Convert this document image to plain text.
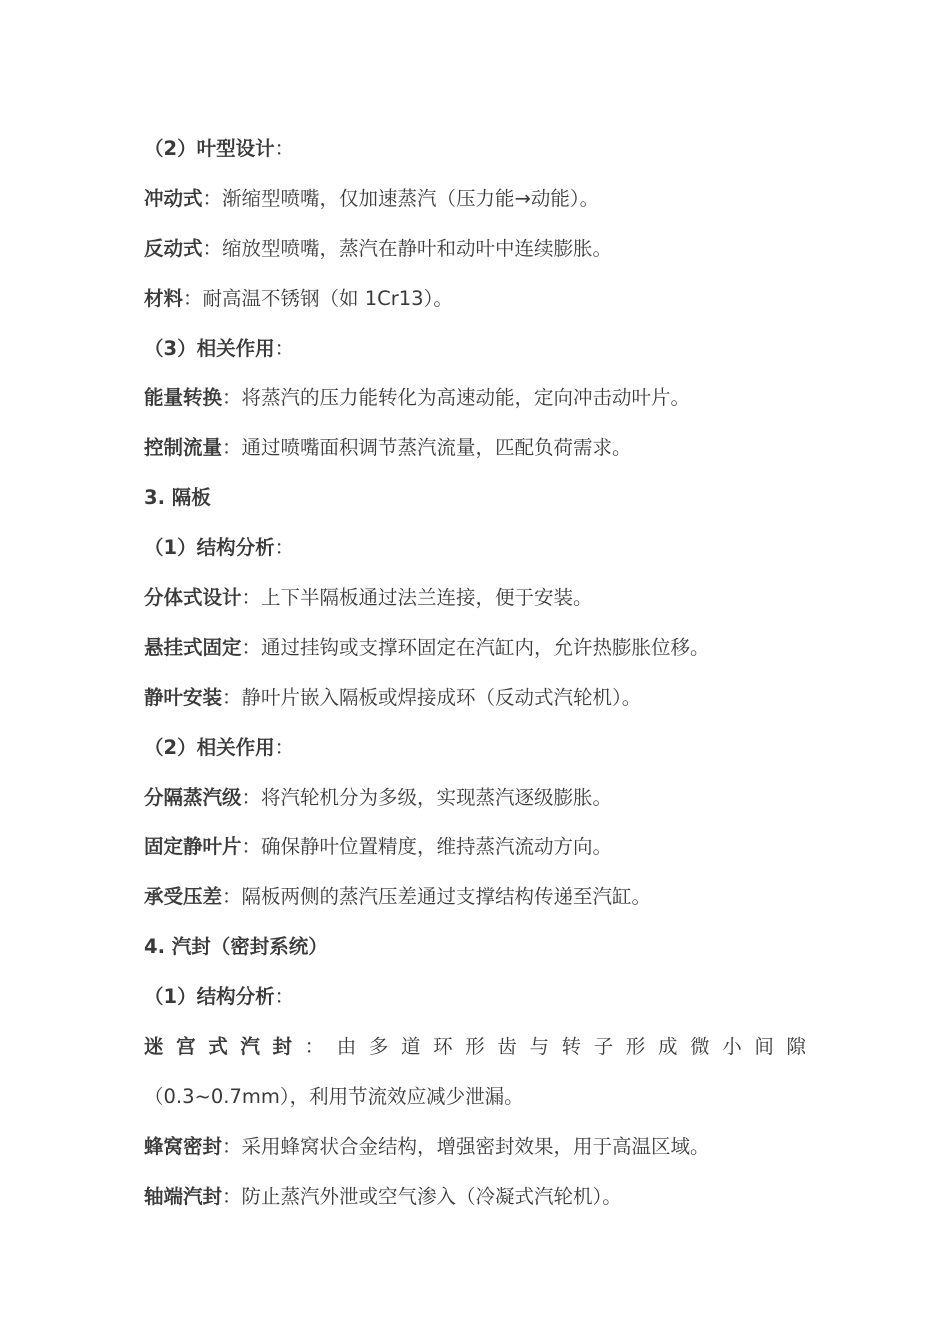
（2）叶型设计：
冲动式：渐缩型喷嘴，仅加速蒸汽（压力能→动能）。
反动式：缩放型喷嘴，蒸汽在静叶和动叶中连续膨胀。
材料：耐高温不锈钢（如 1Cr13）。
（3）相关作用：
能量转换：将蒸汽的压力能转化为高速动能，定向冲击动叶片。
控制流量：通过喷嘴面积调节蒸汽流量，匹配负荷需求。
3. 隔板
（1）结构分析：
分体式设计：上下半隔板通过法兰连接，便于安装。
悬挂式固定：通过挂钩或支撑环固定在汽缸内，允许热膨胀位移。
静叶安装：静叶片嵌入隔板或焊接成环（反动式汽轮机）。
（2）相关作用：
分隔蒸汽级：将汽轮机分为多级，实现蒸汽逐级膨胀。
固定静叶片：确保静叶位置精度，维持蒸汽流动方向。
承受压差：隔板两侧的蒸汽压差通过支撑结构传递至汽缸。
4. 汽封（密封系统）
（1）结构分析：
迷宫式汽封：由多道环形齿与转子形成微小间隙
（0.3~0.7mm），利用节流效应减少泄漏。
蜂窝密封：采用蜂窝状合金结构，增强密封效果，用于高温区域。
轴端汽封：防止蒸汽外泄或空气渗入（冷凝式汽轮机）。
